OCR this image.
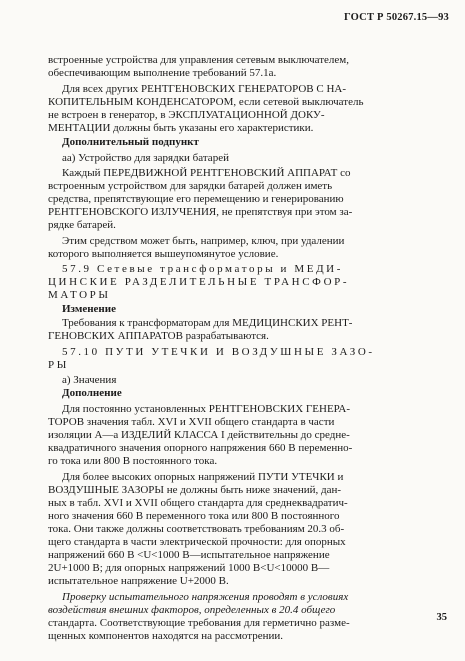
ГОСТ Р 50267.15—93
встроенные устройства для управления сетевым выключателем,
обеспечивающим выполнение требований 57.1а.
Для всех других РЕНТГЕНОВСКИХ ГЕНЕРАТОРОВ С НА-
КОПИТЕЛЬНЫМ КОНДЕНСАТОРОМ, если сетевой выключатель
не встроен в генератор, в ЭКСПЛУАТАЦИОННОЙ ДОКУ-
МЕНТАЦИИ должны быть указаны его характеристики.
Дополнительный подпункт
аа) Устройство для зарядки батарей
Каждый ПЕРЕДВИЖНОЙ РЕНТГЕНОВСКИЙ АППАРАТ со
встроенным устройством для зарядки батарей должен иметь
средства, препятствующие его перемещению и генерированию
РЕНТГЕНОВСКОГО ИЗЛУЧЕНИЯ, не препятствуя при этом за-
рядке батарей.
Этим средством может быть, например, ключ, при удалении
которого выполняется вышеупомянутое условие.
57.9 Сетевые трансформаторы и МЕДИ-
ЦИНСКИЕ РАЗДЕЛИТЕЛЬНЫЕ ТРАНСФОР-
МАТОРЫ
Изменение
Требования к трансформаторам для МЕДИЦИНСКИХ РЕНТ-
ГЕНОВСКИХ АППАРАТОВ разрабатываются.
57.10 ПУТИ УТЕЧКИ И ВОЗДУШНЫЕ ЗАЗО-
РЫ
а) Значения
Дополнение
Для постоянно установленных РЕНТГЕНОВСКИХ ГЕНЕРА-
ТОРОВ значения табл. XVI и XVII общего стандарта в части
изоляции А—а ИЗДЕЛИЙ КЛАССА I действительны до средне-
квадратичного значения опорного напряжения 660 В переменно-
го тока или 800 В постоянного тока.
Для более высоких опорных напряжений ПУТИ УТЕЧКИ и
ВОЗДУШНЫЕ ЗАЗОРЫ не должны быть ниже значений, дан-
ных в табл. XVI и XVII общего стандарта для среднеквадратич-
ного значения 660 В переменного тока или 800 В постоянного
тока. Они также должны соответствовать требованиям 20.3 об-
щего стандарта в части электрической прочности: для опорных
напряжений 660 В <U<1000 В—испытательное напряжение
2U+1000 В; для опорных напряжений 1000 В<U<10000 В—
испытательное напряжение U+2000 В.
Проверку испытательного напряжения проводят в условиях
воздействия внешних факторов, определенных в 20.4 общего
стандарта. Соответствующие требования для герметично разме-
щенных компонентов находятся на рассмотрении.
35
